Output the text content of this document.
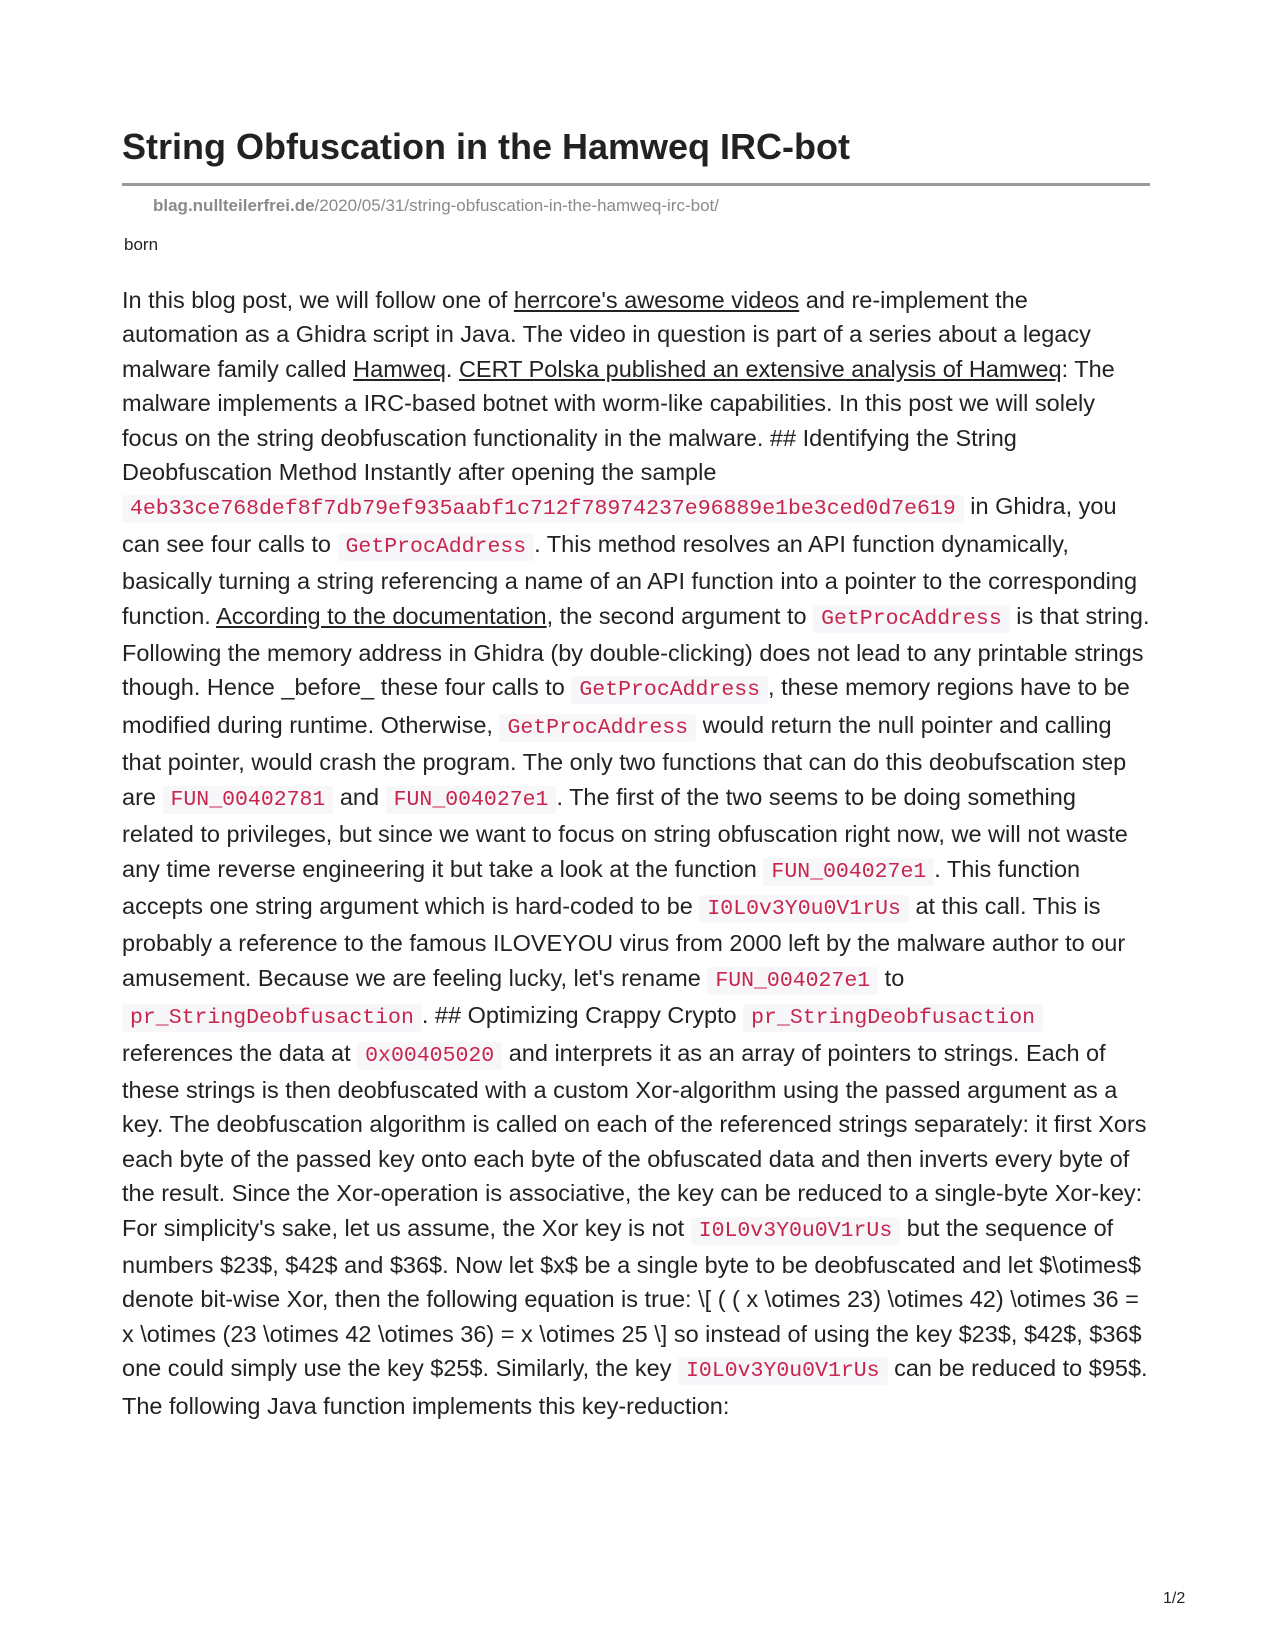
String Obfuscation in the Hamweq IRC-bot
blag.nullteilerfrei.de/2020/05/31/string-obfuscation-in-the-hamweq-irc-bot/
born

In this blog post, we will follow one of herrcore's awesome videos and re-implement the automation as a Ghidra script in Java. The video in question is part of a series about a legacy malware family called Hamweq. CERT Polska published an extensive analysis of Hamweq: The malware implements a IRC-based botnet with worm-like capabilities. In this post we will solely focus on the string deobfuscation functionality in the malware. ## Identifying the String Deobfuscation Method Instantly after opening the sample 4eb33ce768def8f7db79ef935aabf1c712f78974237e96889e1be3ced0d7e619 in Ghidra, you can see four calls to GetProcAddress . This method resolves an API function dynamically, basically turning a string referencing a name of an API function into a pointer to the corresponding function. According to the documentation, the second argument to GetProcAddress is that string. Following the memory address in Ghidra (by double-clicking) does not lead to any printable strings though. Hence _before_ these four calls to GetProcAddress , these memory regions have to be modified during runtime. Otherwise, GetProcAddress would return the null pointer and calling that pointer, would crash the program. The only two functions that can do this deobufscation step are FUN_00402781 and FUN_004027e1 . The first of the two seems to be doing something related to privileges, but since we want to focus on string obfuscation right now, we will not waste any time reverse engineering it but take a look at the function FUN_004027e1 . This function accepts one string argument which is hard-coded to be I0L0v3Y0u0V1rUs at this call. This is probably a reference to the famous ILOVEYOU virus from 2000 left by the malware author to our amusement. Because we are feeling lucky, let's rename FUN_004027e1 to pr_StringDeobfusaction . ## Optimizing Crappy Crypto pr_StringDeobfusaction references the data at 0x00405020 and interprets it as an array of pointers to strings. Each of these strings is then deobfuscated with a custom Xor-algorithm using the passed argument as a key. The deobfuscation algorithm is called on each of the referenced strings separately: it first Xors each byte of the passed key onto each byte of the obfuscated data and then inverts every byte of the result. Since the Xor-operation is associative, the key can be reduced to a single-byte Xor-key: For simplicity's sake, let us assume, the Xor key is not I0L0v3Y0u0V1rUs but the sequence of numbers $23$, $42$ and $36$. Now let $x$ be a single byte to be deobfuscated and let $\otimes$ denote bit-wise Xor, then the following equation is true: \[ ( ( x \otimes 23) \otimes 42) \otimes 36 = x \otimes (23 \otimes 42 \otimes 36) = x \otimes 25 \] so instead of using the key $23$, $42$, $36$ one could simply use the key $25$. Similarly, the key I0L0v3Y0u0V1rUs can be reduced to $95$. The following Java function implements this key-reduction:

1/2
